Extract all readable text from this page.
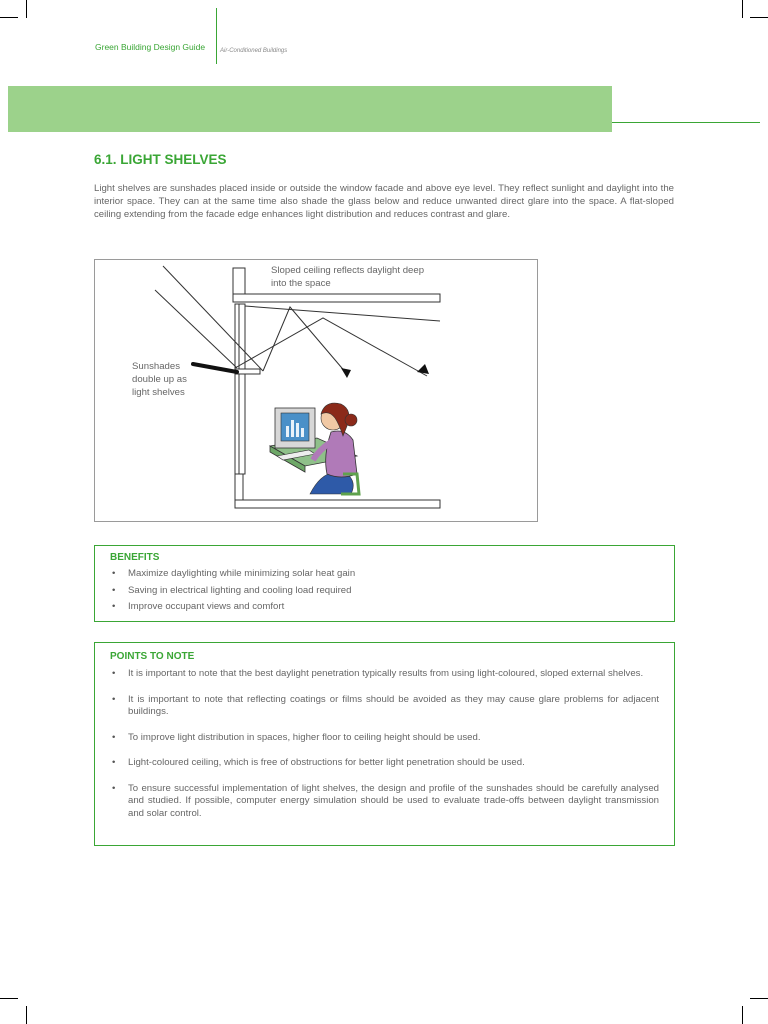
Green Building Design Guide Air-Conditioned Buildings
6.1. LIGHT SHELVES

Light shelves are sunshades placed inside or outside the window facade and above eye level. They reflect sunlight and daylight into the interior space. They can at the same time also shade the glass below and reduce unwanted direct glare into the space. A flat-sloped ceiling extending from the facade edge enhances light distribution and reduces contrast and glare.

Sloped ceiling reflects daylight deep into the space
Sunshades double up as light shelves
BENEFITS
• Maximize daylighting while minimizing solar heat gain
• Saving in electrical lighting and cooling load required
• Improve occupant views and comfort
POINTS TO NOTE
• It is important to note that the best daylight penetration typically results from using light-coloured, sloped external shelves.
• It is important to note that reflecting coatings or films should be avoided as they may cause glare problems for adjacent buildings.
• To improve light distribution in spaces, higher floor to ceiling height should be used.
• Light-coloured ceiling, which is free of obstructions for better light penetration should be used.
• To ensure successful implementation of light shelves, the design and profile of the sunshades should be carefully analysed and studied. If possible, computer energy simulation should be used to evaluate trade-offs between daylight transmission and solar control.
